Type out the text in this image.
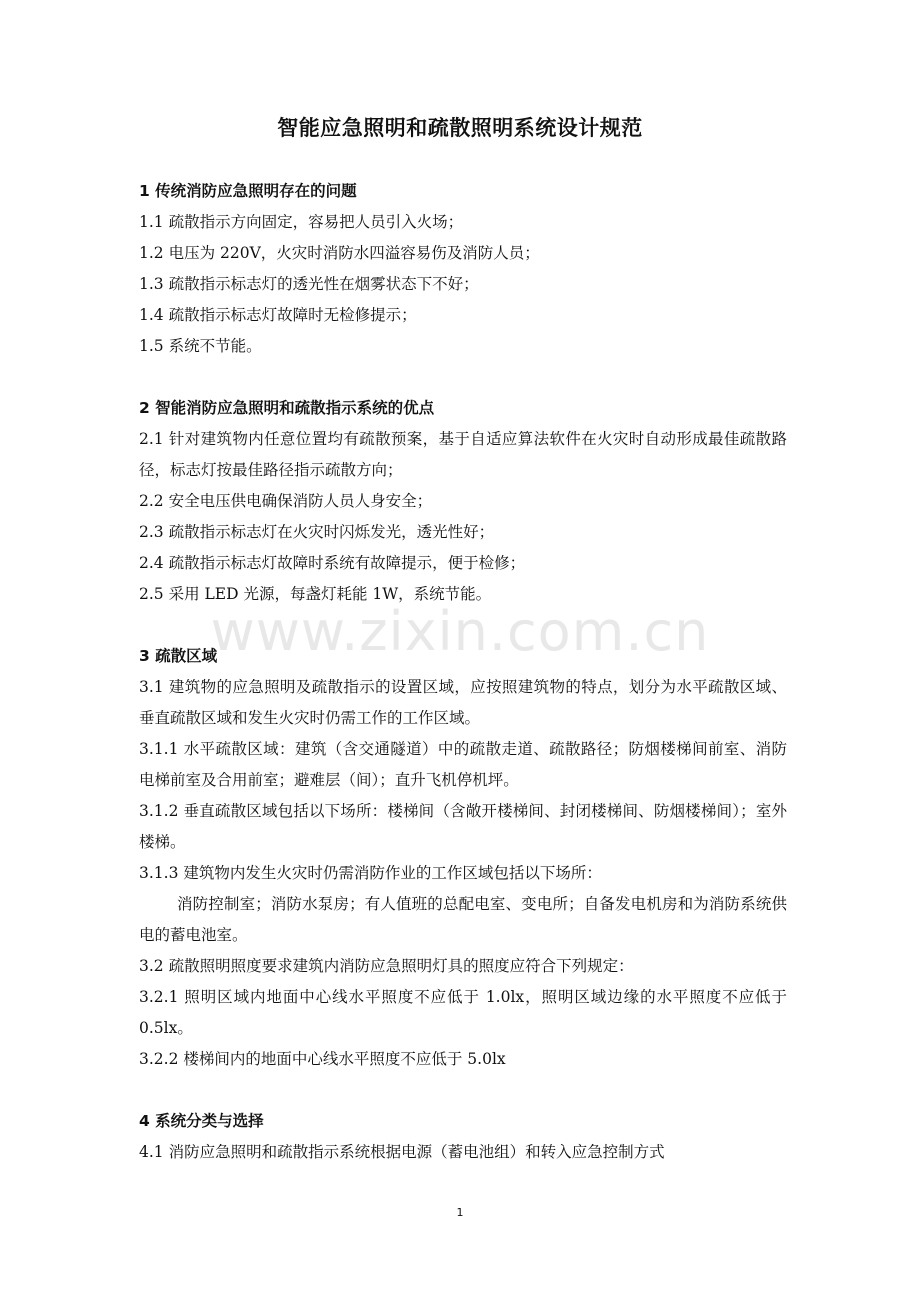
智能应急照明和疏散照明系统设计规范
1 传统消防应急照明存在的问题
1.1 疏散指示方向固定，容易把人员引入火场；
1.2 电压为 220V，火灾时消防水四溢容易伤及消防人员；
1.3 疏散指示标志灯的透光性在烟雾状态下不好；
1.4 疏散指示标志灯故障时无检修提示；
1.5 系统不节能。
2 智能消防应急照明和疏散指示系统的优点
2.1 针对建筑物内任意位置均有疏散预案，基于自适应算法软件在火灾时自动形成最佳疏散路径，标志灯按最佳路径指示疏散方向；
2.2 安全电压供电确保消防人员人身安全；
2.3 疏散指示标志灯在火灾时闪烁发光，透光性好；
2.4 疏散指示标志灯故障时系统有故障提示，便于检修；
2.5 采用 LED 光源，每盏灯耗能 1W，系统节能。
3 疏散区域
3.1 建筑物的应急照明及疏散指示的设置区域，应按照建筑物的特点，划分为水平疏散区域、垂直疏散区域和发生火灾时仍需工作的工作区域。
3.1.1 水平疏散区域：建筑（含交通隧道）中的疏散走道、疏散路径；防烟楼梯间前室、消防电梯前室及合用前室；避难层（间）；直升飞机停机坪。
3.1.2 垂直疏散区域包括以下场所：楼梯间（含敞开楼梯间、封闭楼梯间、防烟楼梯间）；室外楼梯。
3.1.3 建筑物内发生火灾时仍需消防作业的工作区域包括以下场所：
消防控制室；消防水泵房；有人值班的总配电室、变电所；自备发电机房和为消防系统供电的蓄电池室。
3.2 疏散照明照度要求建筑内消防应急照明灯具的照度应符合下列规定：
3.2.1 照明区域内地面中心线水平照度不应低于 1.0lx，照明区域边缘的水平照度不应低于 0.5lx。
3.2.2 楼梯间内的地面中心线水平照度不应低于 5.0lx
4 系统分类与选择
4.1 消防应急照明和疏散指示系统根据电源（蓄电池组）和转入应急控制方式
www.zixin.com.cn
1
